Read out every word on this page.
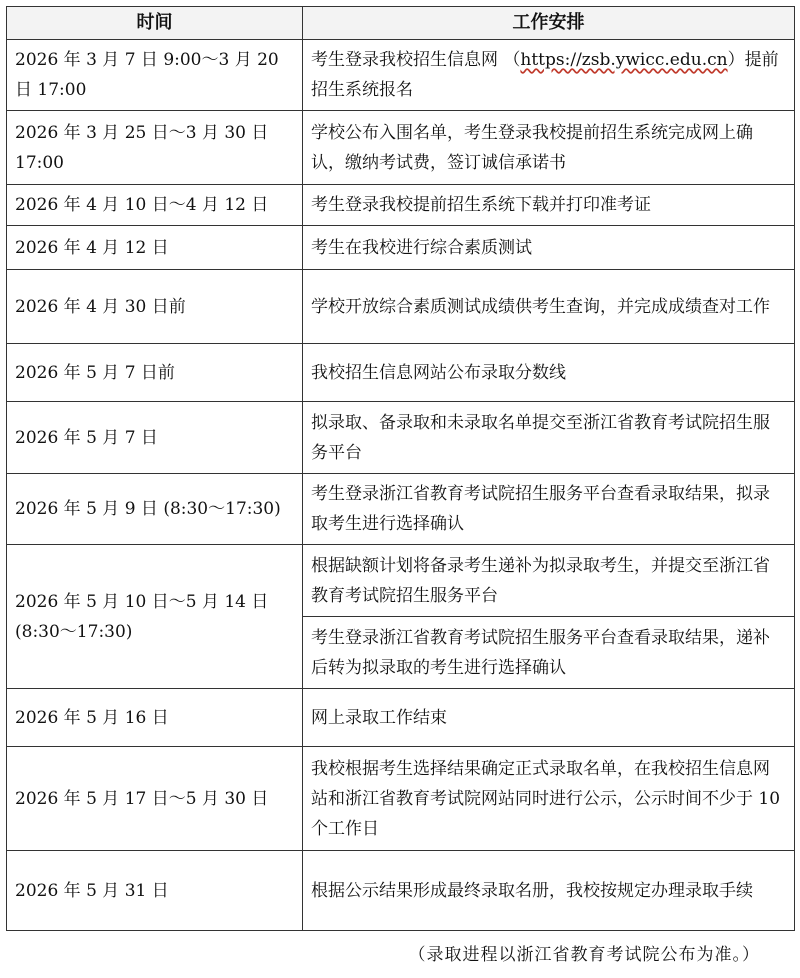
时间	工作安排
2026 年 3 月 7 日 9:00～3 月 20 日 17:00	考生登录我校招生信息网 （https://zsb.ywicc.edu.cn）提前招生系统报名
2026 年 3 月 25 日～3 月 30 日 17:00	学校公布入围名单，考生登录我校提前招生系统完成网上确认，缴纳考试费，签订诚信承诺书
2026 年 4 月 10 日～4 月 12 日	考生登录我校提前招生系统下载并打印准考证
2026 年 4 月 12 日	考生在我校进行综合素质测试
2026 年 4 月 30 日前	学校开放综合素质测试成绩供考生查询，并完成成绩查对工作
2026 年 5 月 7 日前	我校招生信息网站公布录取分数线
2026 年 5 月 7 日	拟录取、备录取和未录取名单提交至浙江省教育考试院招生服务平台
2026 年 5 月 9 日 (8:30～17:30)	考生登录浙江省教育考试院招生服务平台查看录取结果，拟录取考生进行选择确认
2026 年 5 月 10 日～5 月 14 日 (8:30～17:30)	根据缺额计划将备录考生递补为拟录取考生，并提交至浙江省教育考试院招生服务平台
	考生登录浙江省教育考试院招生服务平台查看录取结果，递补后转为拟录取的考生进行选择确认
2026 年 5 月 16 日	网上录取工作结束
2026 年 5 月 17 日～5 月 30 日	我校根据考生选择结果确定正式录取名单，在我校招生信息网站和浙江省教育考试院网站同时进行公示，公示时间不少于 10 个工作日
2026 年 5 月 31 日	根据公示结果形成最终录取名册，我校按规定办理录取手续
（录取进程以浙江省教育考试院公布为准。）
